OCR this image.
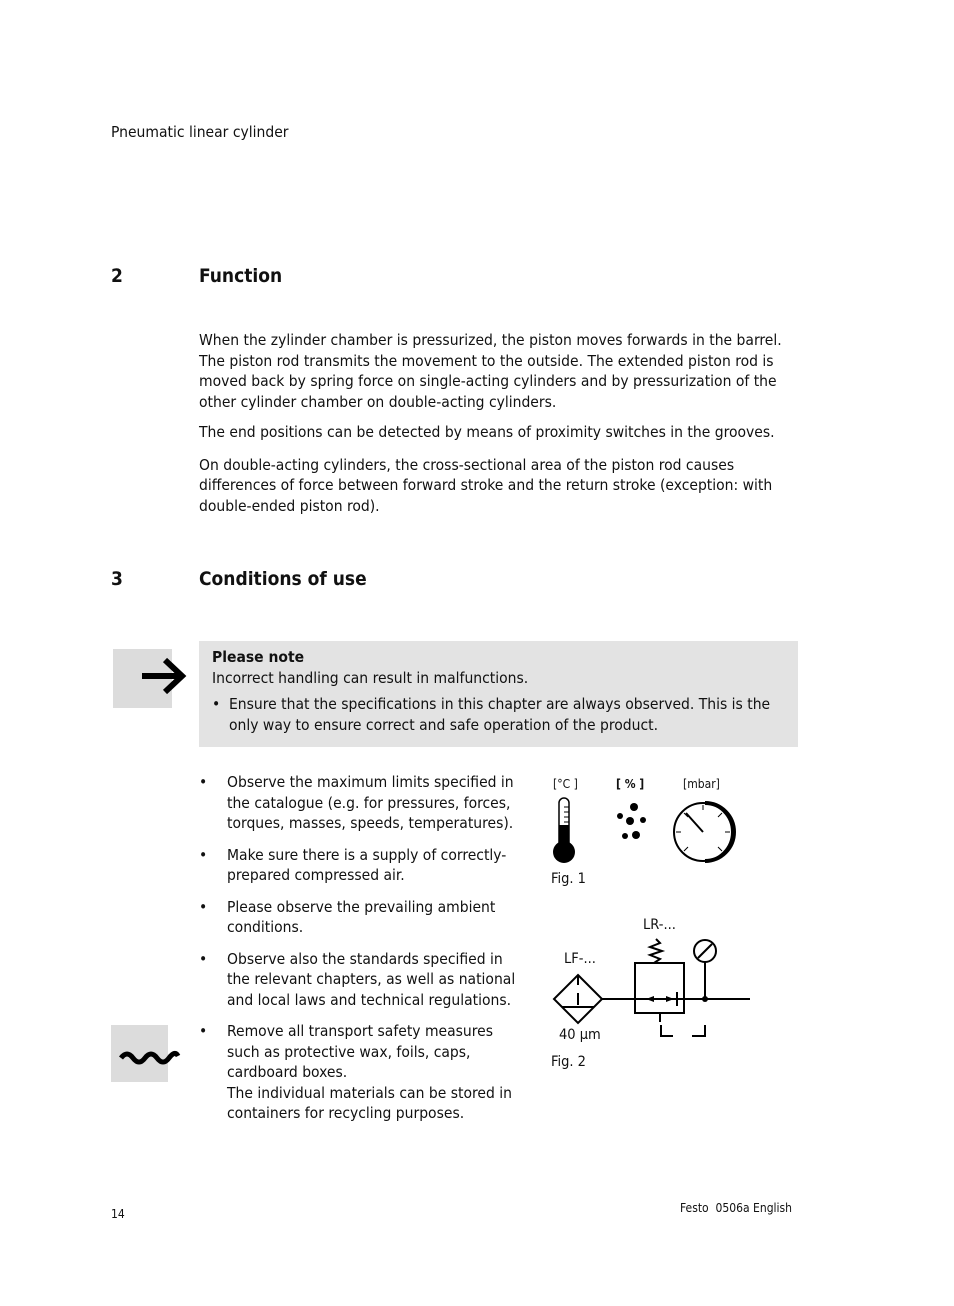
Pneumatic linear cylinder
2	Function

When the zylinder chamber is pressurized, the piston moves forwards in the barrel. The piston rod transmits the movement to the outside. The extended piston rod is moved back by spring force on single-acting cylinders and by pressurization of the other cylinder chamber on double-acting cylinders.

The end positions can be detected by means of proximity switches in the grooves.

On double-acting cylinders, the cross-sectional area of the piston rod causes differences of force between forward stroke and the return stroke (exception: with double-ended piston rod).

3	Conditions of use
Please note
Incorrect handling can result in malfunctions.
• Ensure that the specifications in this chapter are always observed. This is the only way to ensure correct and safe operation of the product.
• Observe the maximum limits specified in the catalogue (e.g. for pressures, forces, torques, masses, speeds, temperatures).
• Make sure there is a supply of correctly-prepared compressed air.
• Please observe the prevailing ambient conditions.
• Observe also the standards specified in the relevant chapters, as well as national and local laws and technical regulations.
• Remove all transport safety measures such as protective wax, foils, caps, cardboard boxes.
The individual materials can be stored in containers for recycling purposes.
[°C ]	[ % ]	[mbar]
Fig. 1
LR-...
LF-...
40 µm
Fig. 2
14	Festo  0506a English
